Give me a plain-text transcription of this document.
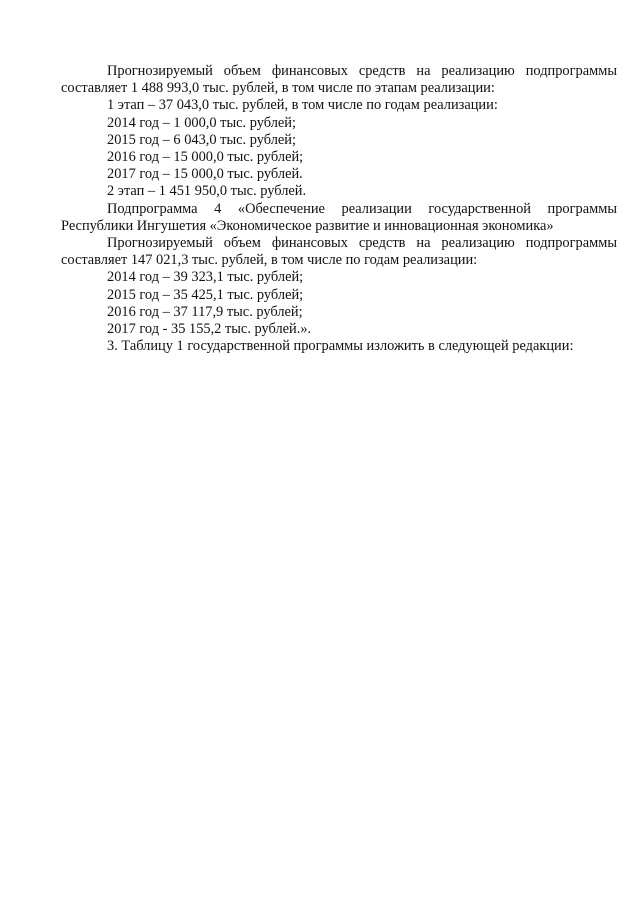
Прогнозируемый объем финансовых средств на реализацию подпрограммы составляет 1 488 993,0 тыс. рублей, в том числе по этапам реализации:

1 этап – 37 043,0 тыс. рублей, в том числе по годам реализации:

2014 год – 1 000,0 тыс. рублей;

2015 год – 6 043,0 тыс. рублей;

2016 год – 15 000,0 тыс. рублей;

2017 год – 15 000,0 тыс. рублей.

2 этап – 1 451 950,0 тыс. рублей.

Подпрограмма 4 «Обеспечение реализации государственной программы Республики Ингушетия «Экономическое развитие и инновационная экономика»

Прогнозируемый объем финансовых средств на реализацию подпрограммы составляет 147 021,3 тыс. рублей, в том числе по годам реализации:

2014 год – 39 323,1 тыс. рублей;

2015 год – 35 425,1 тыс. рублей;

2016 год – 37 117,9 тыс. рублей;

2017 год - 35 155,2 тыс. рублей.».

3. Таблицу 1 государственной программы изложить в следующей редакции:
